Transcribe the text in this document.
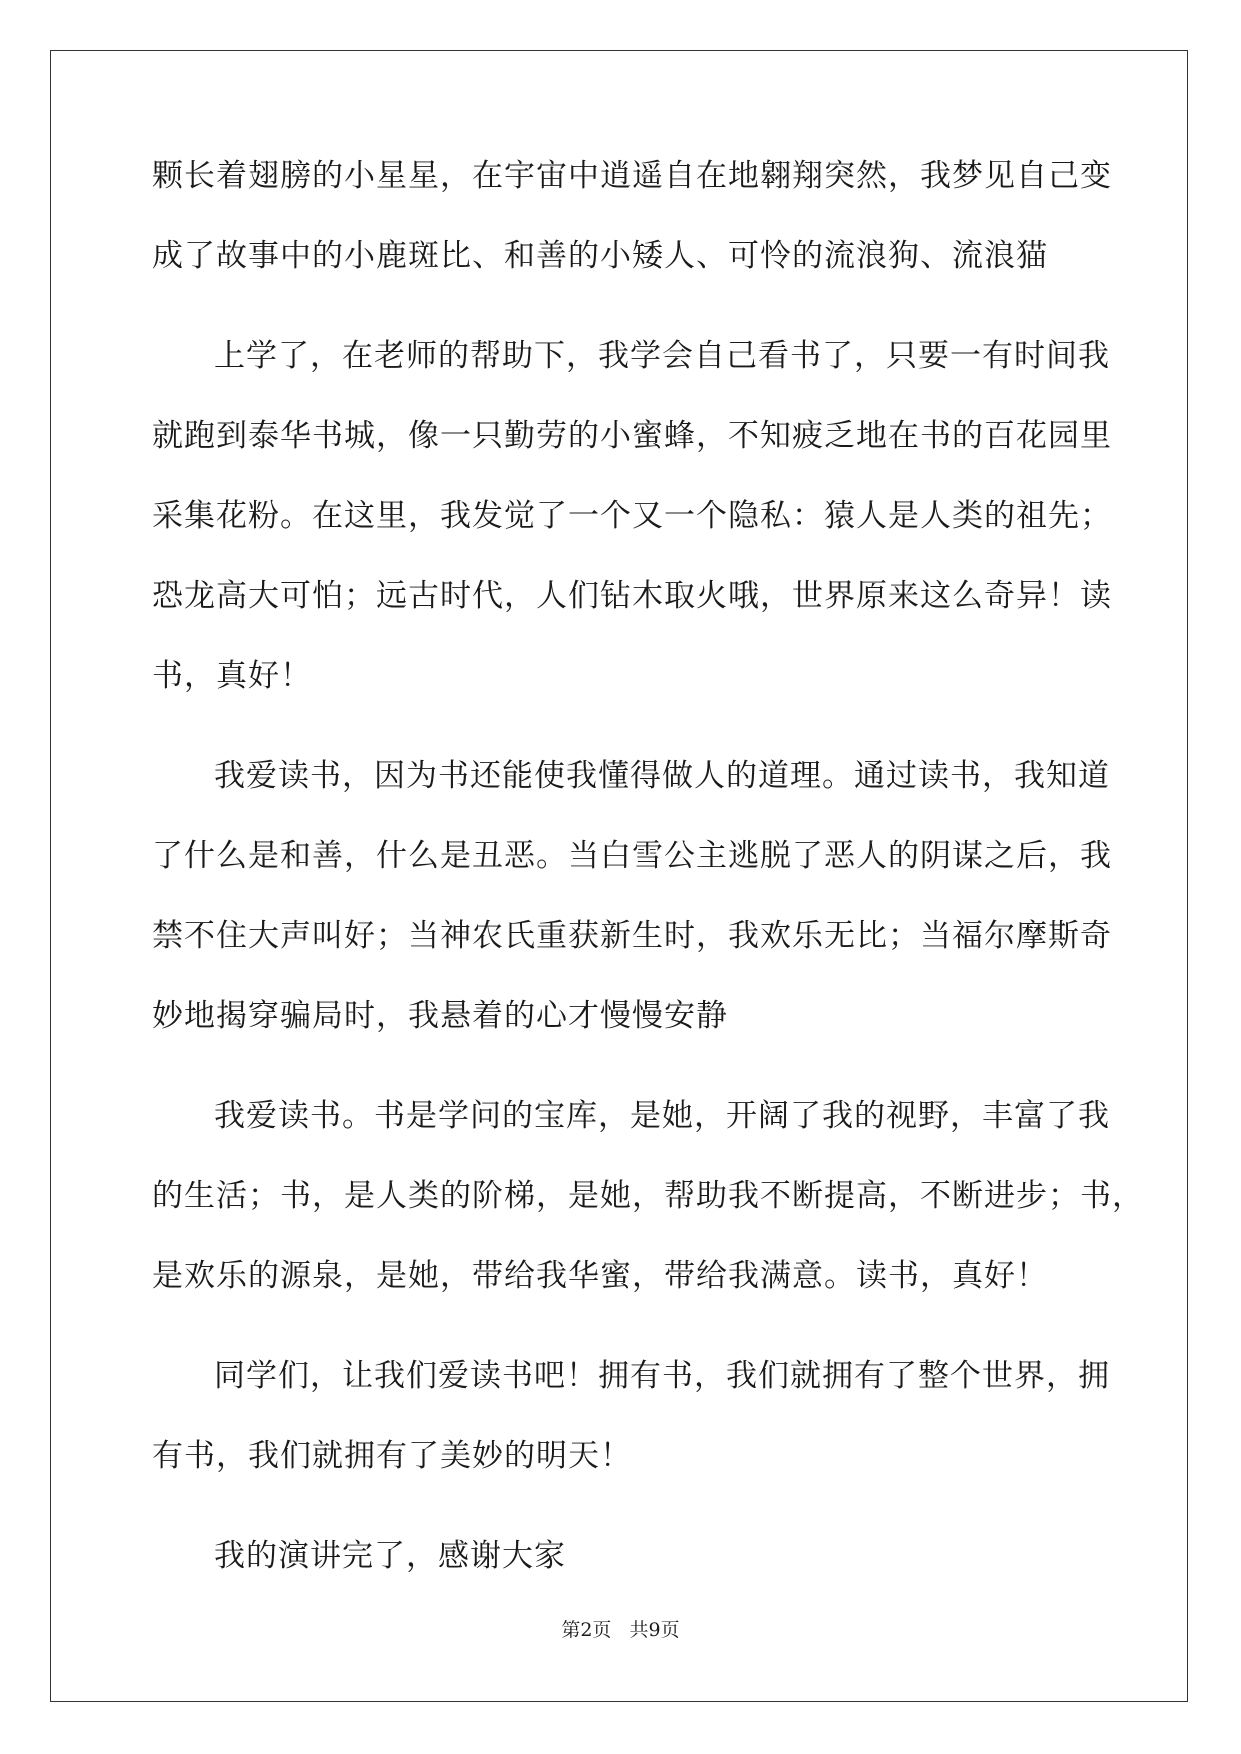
颗长着翅膀的小星星，在宇宙中逍遥自在地翱翔突然，我梦见自己变
成了故事中的小鹿斑比、和善的小矮人、可怜的流浪狗、流浪猫
上学了，在老师的帮助下，我学会自己看书了，只要一有时间我
就跑到泰华书城，像一只勤劳的小蜜蜂，不知疲乏地在书的百花园里
采集花粉。在这里，我发觉了一个又一个隐私：猿人是人类的祖先；
恐龙高大可怕；远古时代，人们钻木取火哦，世界原来这么奇异！读
书，真好！
我爱读书，因为书还能使我懂得做人的道理。通过读书，我知道
了什么是和善，什么是丑恶。当白雪公主逃脱了恶人的阴谋之后，我
禁不住大声叫好；当神农氏重获新生时，我欢乐无比；当福尔摩斯奇
妙地揭穿骗局时，我悬着的心才慢慢安静
我爱读书。书是学问的宝库，是她，开阔了我的视野，丰富了我
的生活；书，是人类的阶梯，是她，帮助我不断提高，不断进步；书，
是欢乐的源泉，是她，带给我华蜜，带给我满意。读书，真好！
同学们，让我们爱读书吧！拥有书，我们就拥有了整个世界，拥
有书，我们就拥有了美妙的明天！
我的演讲完了，感谢大家
第2页   共9页
